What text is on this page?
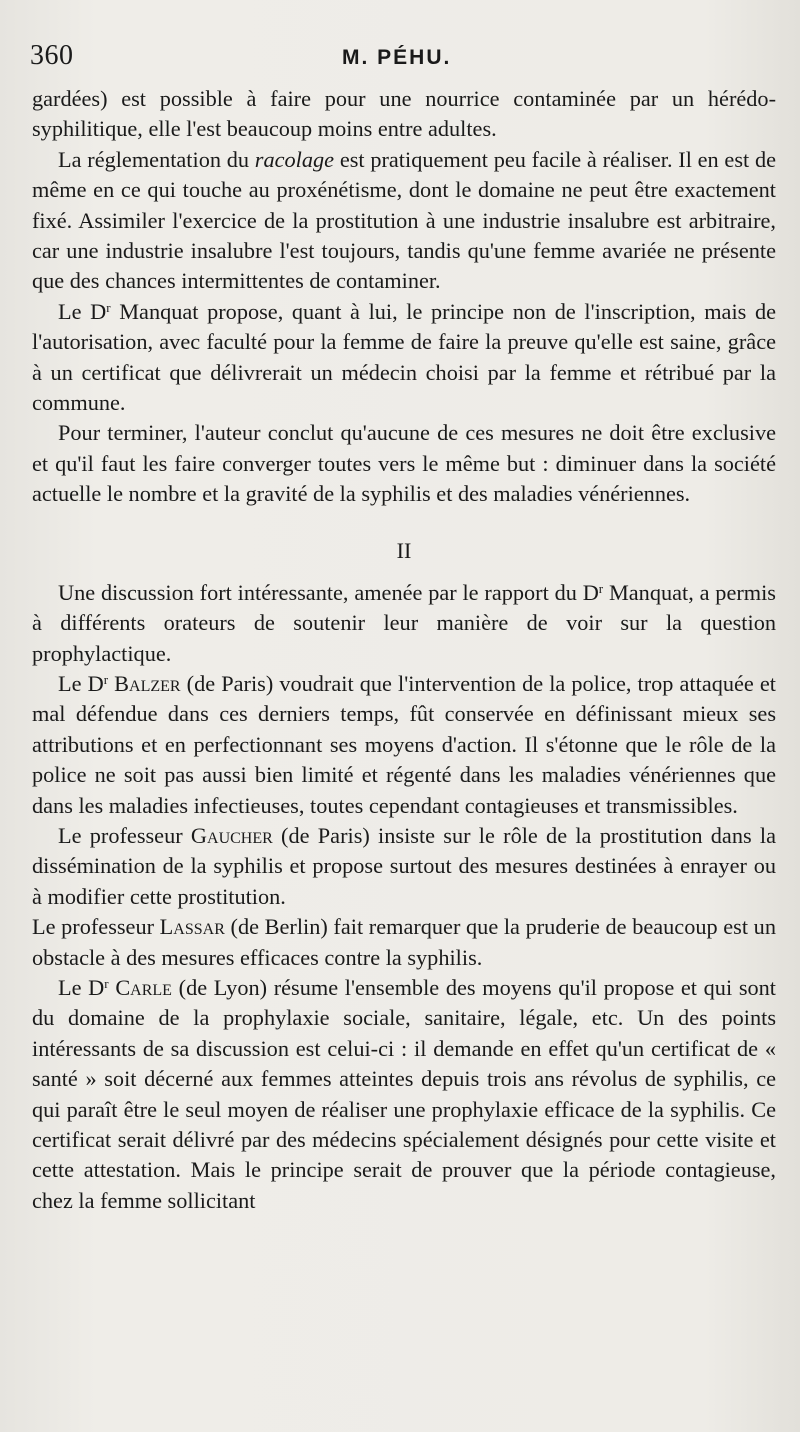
360	M. PÉHU.

gardées) est possible à faire pour une nourrice contaminée par un hérédo-syphilitique, elle l'est beaucoup moins entre adultes.

La réglementation du racolage est pratiquement peu facile à réaliser. Il en est de même en ce qui touche au proxénétisme, dont le domaine ne peut être exactement fixé. Assimiler l'exercice de la prostitution à une industrie insalubre est arbitraire, car une industrie insalubre l'est toujours, tandis qu'une femme avariée ne présente que des chances intermittentes de contaminer.

Le $D^r$ Manquat propose, quant à lui, le principe non de l'inscription, mais de l'autorisation, avec faculté pour la femme de faire la preuve qu'elle est saine, grâce à un certificat que délivrerait un médecin choisi par la femme et rétribué par la commune.

Pour terminer, l'auteur conclut qu'aucune de ces mesures ne doit être exclusive et qu'il faut les faire converger toutes vers le même but : diminuer dans la société actuelle le nombre et la gravité de la syphilis et des maladies vénériennes.

II

Une discussion fort intéressante, amenée par le rapport du $D^r$ Manquat, a permis à différents orateurs de soutenir leur manière de voir sur la question prophylactique.

Le $D^r$ Balzer (de Paris) voudrait que l'intervention de la police, trop attaquée et mal défendue dans ces derniers temps, fût conservée en définissant mieux ses attributions et en perfectionnant ses moyens d'action. Il s'étonne que le rôle de la police ne soit pas aussi bien limité et régenté dans les maladies vénériennes que dans les maladies infectieuses, toutes cependant contagieuses et transmissibles.

Le professeur Gaucher (de Paris) insiste sur le rôle de la prostitution dans la dissémination de la syphilis et propose surtout des mesures destinées à enrayer ou à modifier cette prostitution.

Le professeur Lassar (de Berlin) fait remarquer que la pruderie de beaucoup est un obstacle à des mesures efficaces contre la syphilis.

Le $D^r$ Carle (de Lyon) résume l'ensemble des moyens qu'il propose et qui sont du domaine de la prophylaxie sociale, sanitaire, légale, etc. Un des points intéressants de sa discussion est celui-ci : il demande en effet qu'un certificat de « santé » soit décerné aux femmes atteintes depuis trois ans révolus de syphilis, ce qui paraît être le seul moyen de réaliser une prophylaxie efficace de la syphilis. Ce certificat serait délivré par des médecins spécialement désignés pour cette visite et cette attestation. Mais le principe serait de prouver que la période contagieuse, chez la femme sollicitant
